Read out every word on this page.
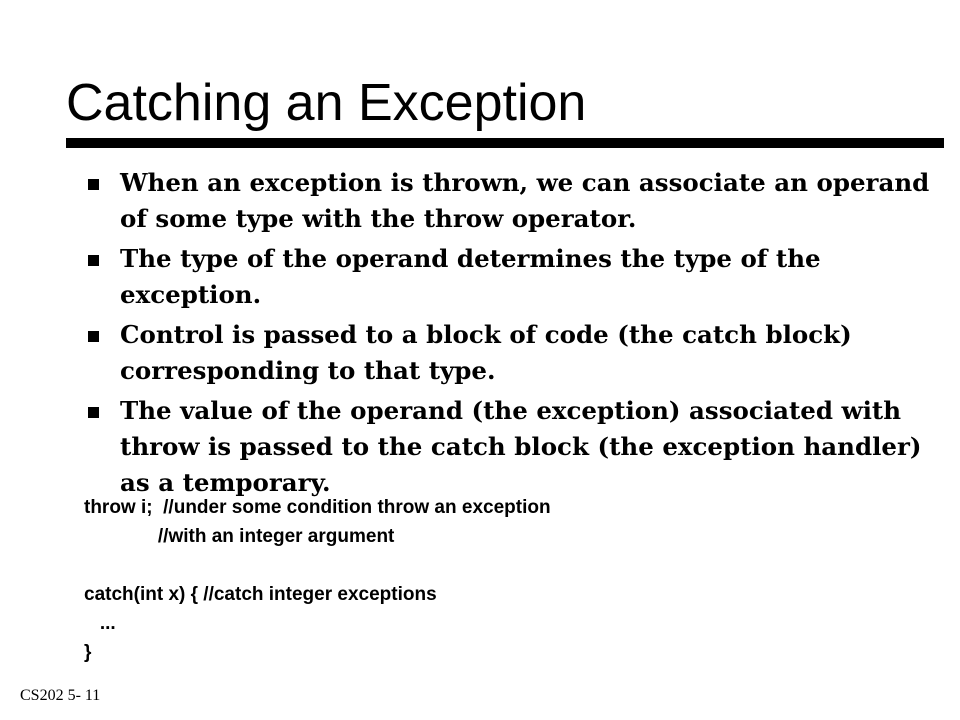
Catching an Exception
When an exception is thrown, we can associate an operand of some type with the throw operator.
The type of the operand determines the type of the exception.
Control is passed to a block of code (the catch block) corresponding to that type.
The value of the operand (the exception) associated with throw is passed to the catch block (the exception handler) as a temporary.
throw i;  //under some condition throw an exception
//with an integer argument
catch(int x) { //catch integer exceptions
...
}
CS202 5- 11
